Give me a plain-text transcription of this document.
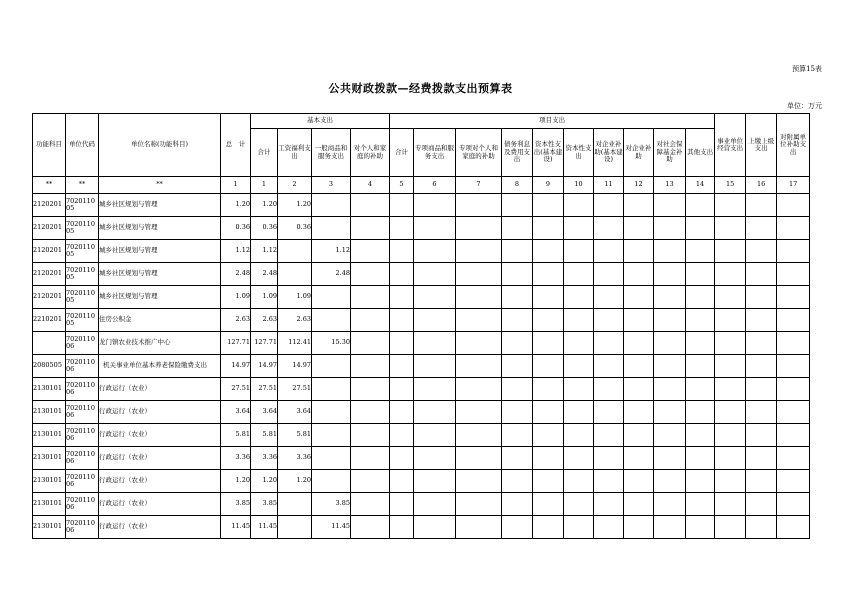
预算15表
公共财政拨款—经费拨款支出预算表
单位：万元
功能科目	单位代码	单位名称(功能科目)	总　计	基本支出				项目支出										事业单位经营支出	上缴上级支出	对附属单位补助支出
				合计	工资福利支出	一般商品和服务支出	对个人和家庭的补助	合计	专项商品和服务支出	专项对个人和家庭的补助	债务利息及费用支出	资本性支出(基本建设)	资本性支出	对企业补助(基本建设)	对企业补助	对社会保障基金补助	其他支出			
**	**	**	1	1	2	3	4	5	6	7	8	9	10	11	12	13	14	15	16	17
2120201	702011005	城乡社区规划与管理	1.20	1.20	1.20															
2120201	702011005	城乡社区规划与管理	0.36	0.36	0.36															
2120201	702011005	城乡社区规划与管理	1.12	1.12		1.12														
2120201	702011005	城乡社区规划与管理	2.48	2.48		2.48														
2120201	702011005	城乡社区规划与管理	1.09	1.09	1.09															
2210201	702011005	住房公积金	2.63	2.63	2.63															

	702011006	龙门镇农业技术推广中心	127.71	127.71	112.41	15.30														
2080505	702011006	机关事业单位基本养老保险缴费支出	14.97	14.97	14.97															
2130101	702011006	行政运行（农业）	27.51	27.51	27.51															
2130101	702011006	行政运行（农业）	3.64	3.64	3.64															
2130101	702011006	行政运行（农业）	5.81	5.81	5.81															
2130101	702011006	行政运行（农业）	3.36	3.36	3.36															
2130101	702011006	行政运行（农业）	1.20	1.20	1.20															
2130101	702011006	行政运行（农业）	3.85	3.85		3.85														
2130101	702011006	行政运行（农业）	11.45	11.45		11.45														
